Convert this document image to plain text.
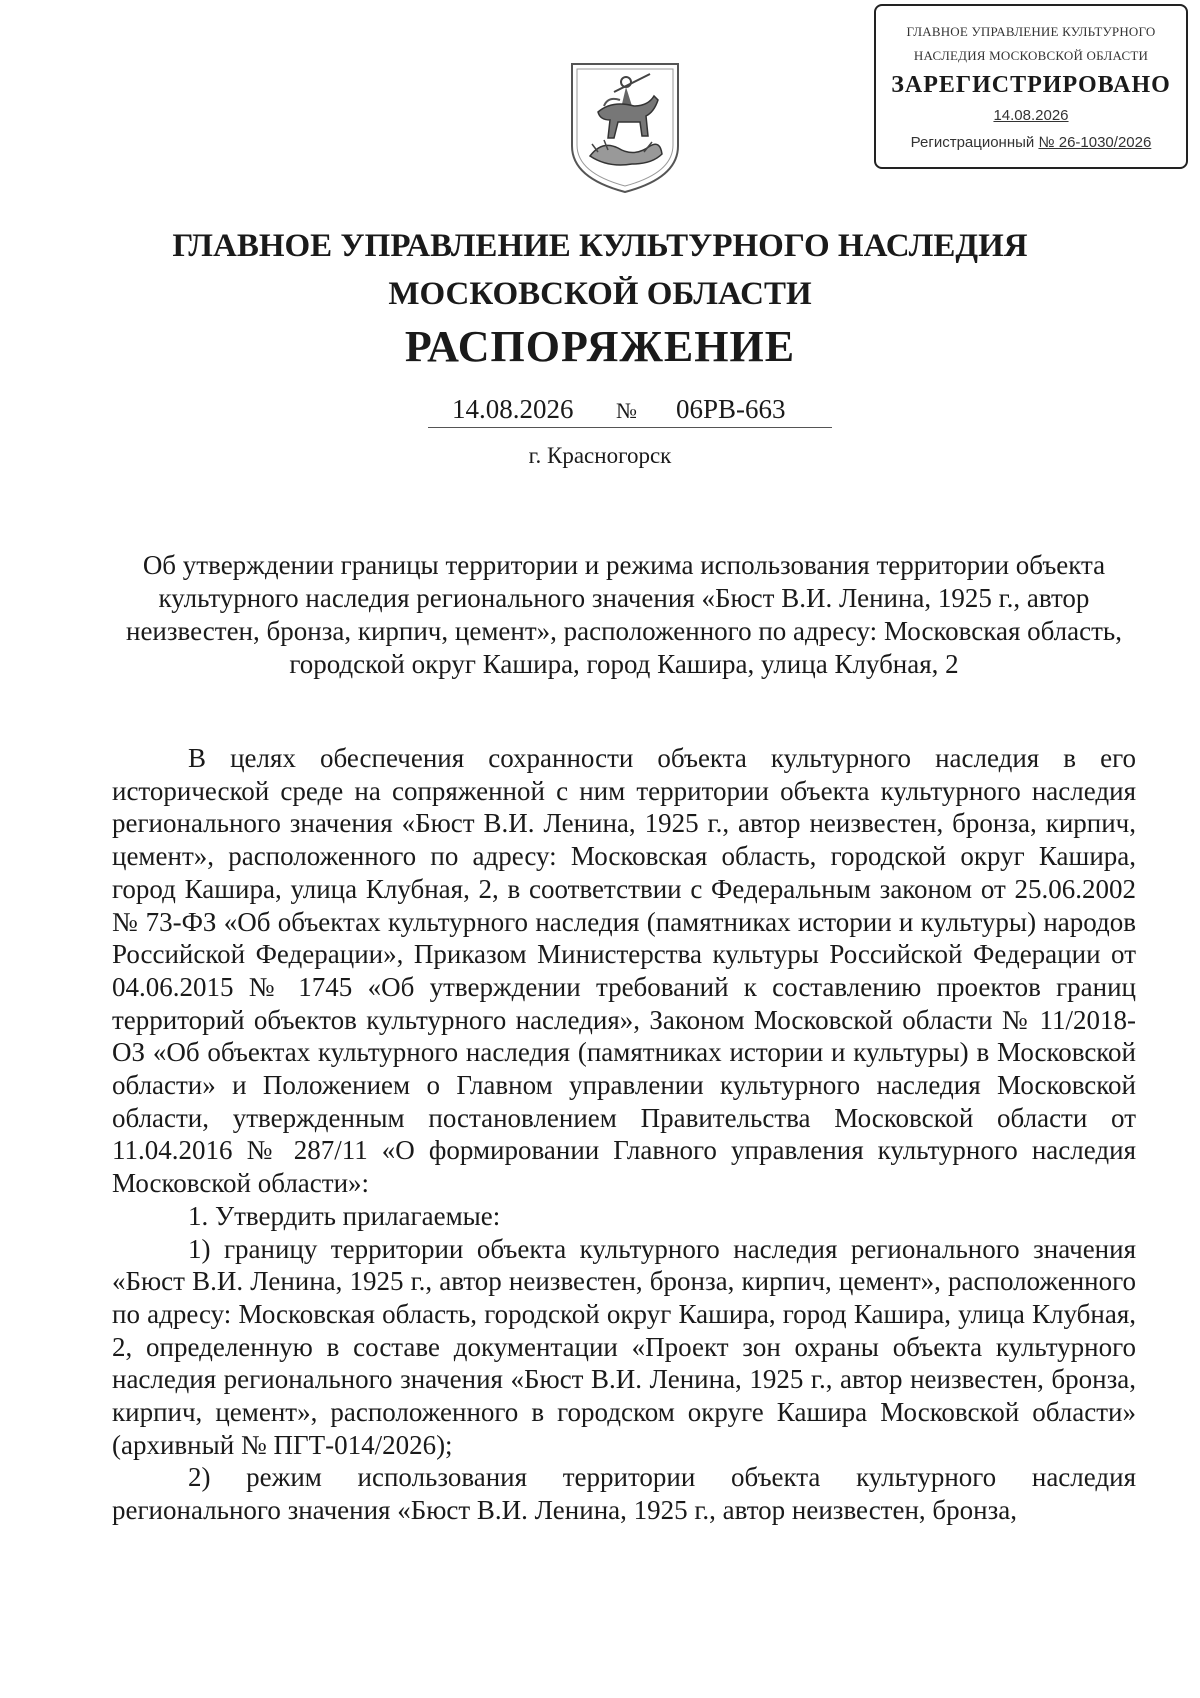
ГЛАВНОЕ УПРАВЛЕНИЕ КУЛЬТУРНОГО
НАСЛЕДИЯ МОСКОВСКОЙ ОБЛАСТИ
ЗАРЕГИСТРИРОВАНО
14.08.2026
Регистрационный № 26-1030/2026
ГЛАВНОЕ УПРАВЛЕНИЕ КУЛЬТУРНОГО НАСЛЕДИЯ
МОСКОВСКОЙ ОБЛАСТИ
РАСПОРЯЖЕНИЕ
14.08.2026 № 06РВ-663
г. Красногорск
Об утверждении границы территории и режима использования территории объекта культурного наследия регионального значения «Бюст В.И. Ленина, 1925 г., автор неизвестен, бронза, кирпич, цемент», расположенного по адресу: Московская область, городской округ Кашира, город Кашира, улица Клубная, 2

В целях обеспечения сохранности объекта культурного наследия в его исторической среде на сопряженной с ним территории объекта культурного наследия регионального значения «Бюст В.И. Ленина, 1925 г., автор неизвестен, бронза, кирпич, цемент», расположенного по адресу: Московская область, городской округ Кашира, город Кашира, улица Клубная, 2, в соответствии с Федеральным законом от 25.06.2002 № 73-ФЗ «Об объектах культурного наследия (памятниках истории и культуры) народов Российской Федерации», Приказом Министерства культуры Российской Федерации от 04.06.2015 № 1745 «Об утверждении требований к составлению проектов границ территорий объектов культурного наследия», Законом Московской области № 11/2018-ОЗ «Об объектах культурного наследия (памятниках истории и культуры) в Московской области» и Положением о Главном управлении культурного наследия Московской области, утвержденным постановлением Правительства Московской области от 11.04.2016 № 287/11 «О формировании Главного управления культурного наследия Московской области»:

1. Утвердить прилагаемые:

1) границу территории объекта культурного наследия регионального значения «Бюст В.И. Ленина, 1925 г., автор неизвестен, бронза, кирпич, цемент», расположенного по адресу: Московская область, городской округ Кашира, город Кашира, улица Клубная, 2, определенную в составе документации «Проект зон охраны объекта культурного наследия регионального значения «Бюст В.И. Ленина, 1925 г., автор неизвестен, бронза, кирпич, цемент», расположенного в городском округе Кашира Московской области» (архивный № ПГТ-014/2026);

2) режим использования территории объекта культурного наследия регионального значения «Бюст В.И. Ленина, 1925 г., автор неизвестен, бронза,
